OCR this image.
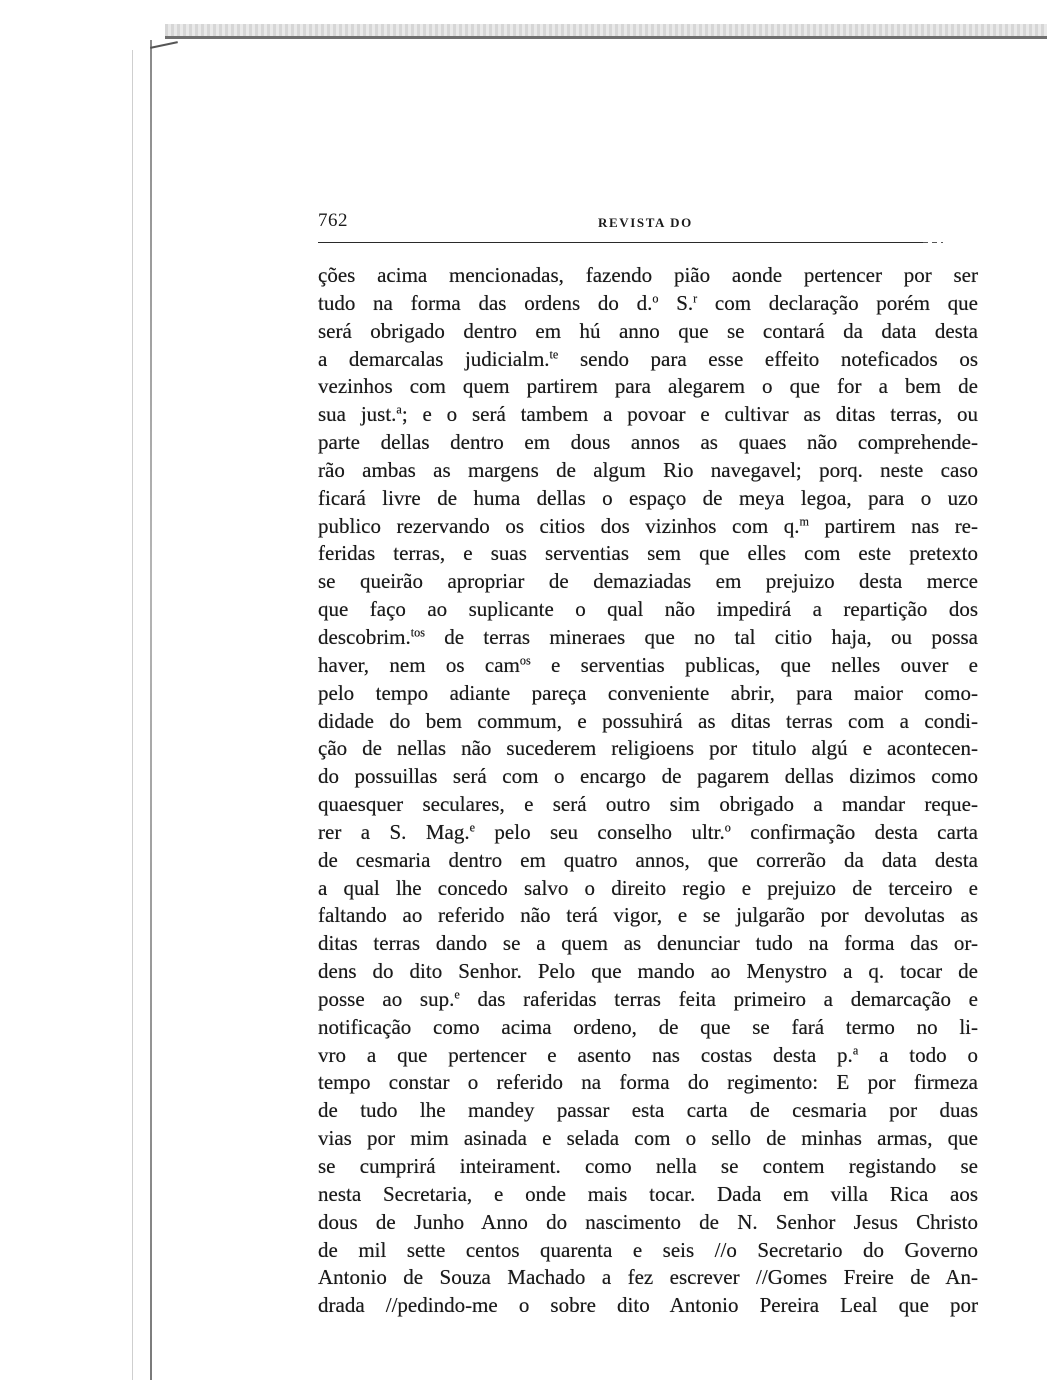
762	REVISTA DO
ções acima mencionadas, fazendo pião aonde pertencer por ser
tudo na forma das ordens do d.$^o$ S.$^r$ com declaração porém que
será obrigado dentro em hú anno que se contará da data desta
a demarcalas judicialm.$^{te}$ sendo para esse effeito noteficados os
vezinhos com quem partirem para alegarem o que for a bem de
sua just.$^a$; e o será tambem a povoar e cultivar as ditas terras, ou
parte dellas dentro em dous annos as quaes não comprehende-
rão ambas as margens de algum Rio navegavel; porq. neste caso
ficará livre de huma dellas o espaço de meya legoa, para o uzo
publico rezervando os citios dos vizinhos com q.$^m$ partirem nas re-
feridas terras, e suas serventias sem que elles com este pretexto
se queirão apropriar de demaziadas em prejuizo desta merce
que faço ao suplicante o qual não impedirá a repartição dos
descobrim.$^{tos}$ de terras mineraes que no tal citio haja, ou possa
haver, nem os cam$^{os}$ e serventias publicas, que nelles ouver e
pelo tempo adiante pareça conveniente abrir, para maior como-
didade do bem commum, e possuhirá as ditas terras com a condi-
ção de nellas não sucederem religioens por titulo algú e acontecen-
do possuillas será com o encargo de pagarem dellas dizimos como
quaesquer seculares, e será outro sim obrigado a mandar reque-
rer a S. Mag.$^e$ pelo seu conselho ultr.$^o$ confirmação desta carta
de cesmaria dentro em quatro annos, que correrão da data desta
a qual lhe concedo salvo o direito regio e prejuizo de terceiro e
faltando ao referido não terá vigor, e se julgarão por devolutas as
ditas terras dando se a quem as denunciar tudo na forma das or-
dens do dito Senhor. Pelo que mando ao Menystro a q. tocar de
posse ao sup.$^e$ das raferidas terras feita primeiro a demarcação e
notificação como acima ordeno, de que se fará termo no li-
vro a que pertencer e asento nas costas desta p.$^a$ a todo o
tempo constar o referido na forma do regimento: E por firmeza
de tudo lhe mandey passar esta carta de cesmaria por duas
vias por mim asinada e selada com o sello de minhas armas, que
se cumprirá inteirament. como nella se contem registando se
nesta Secretaria, e onde mais tocar. Dada em villa Rica aos
dous de Junho Anno do nascimento de N. Senhor Jesus Christo
de mil sette centos quarenta e seis //o Secretario do Governo
Antonio de Souza Machado a fez escrever //Gomes Freire de An-
drada //pedindo-me o sobre dito Antonio Pereira Leal que por
